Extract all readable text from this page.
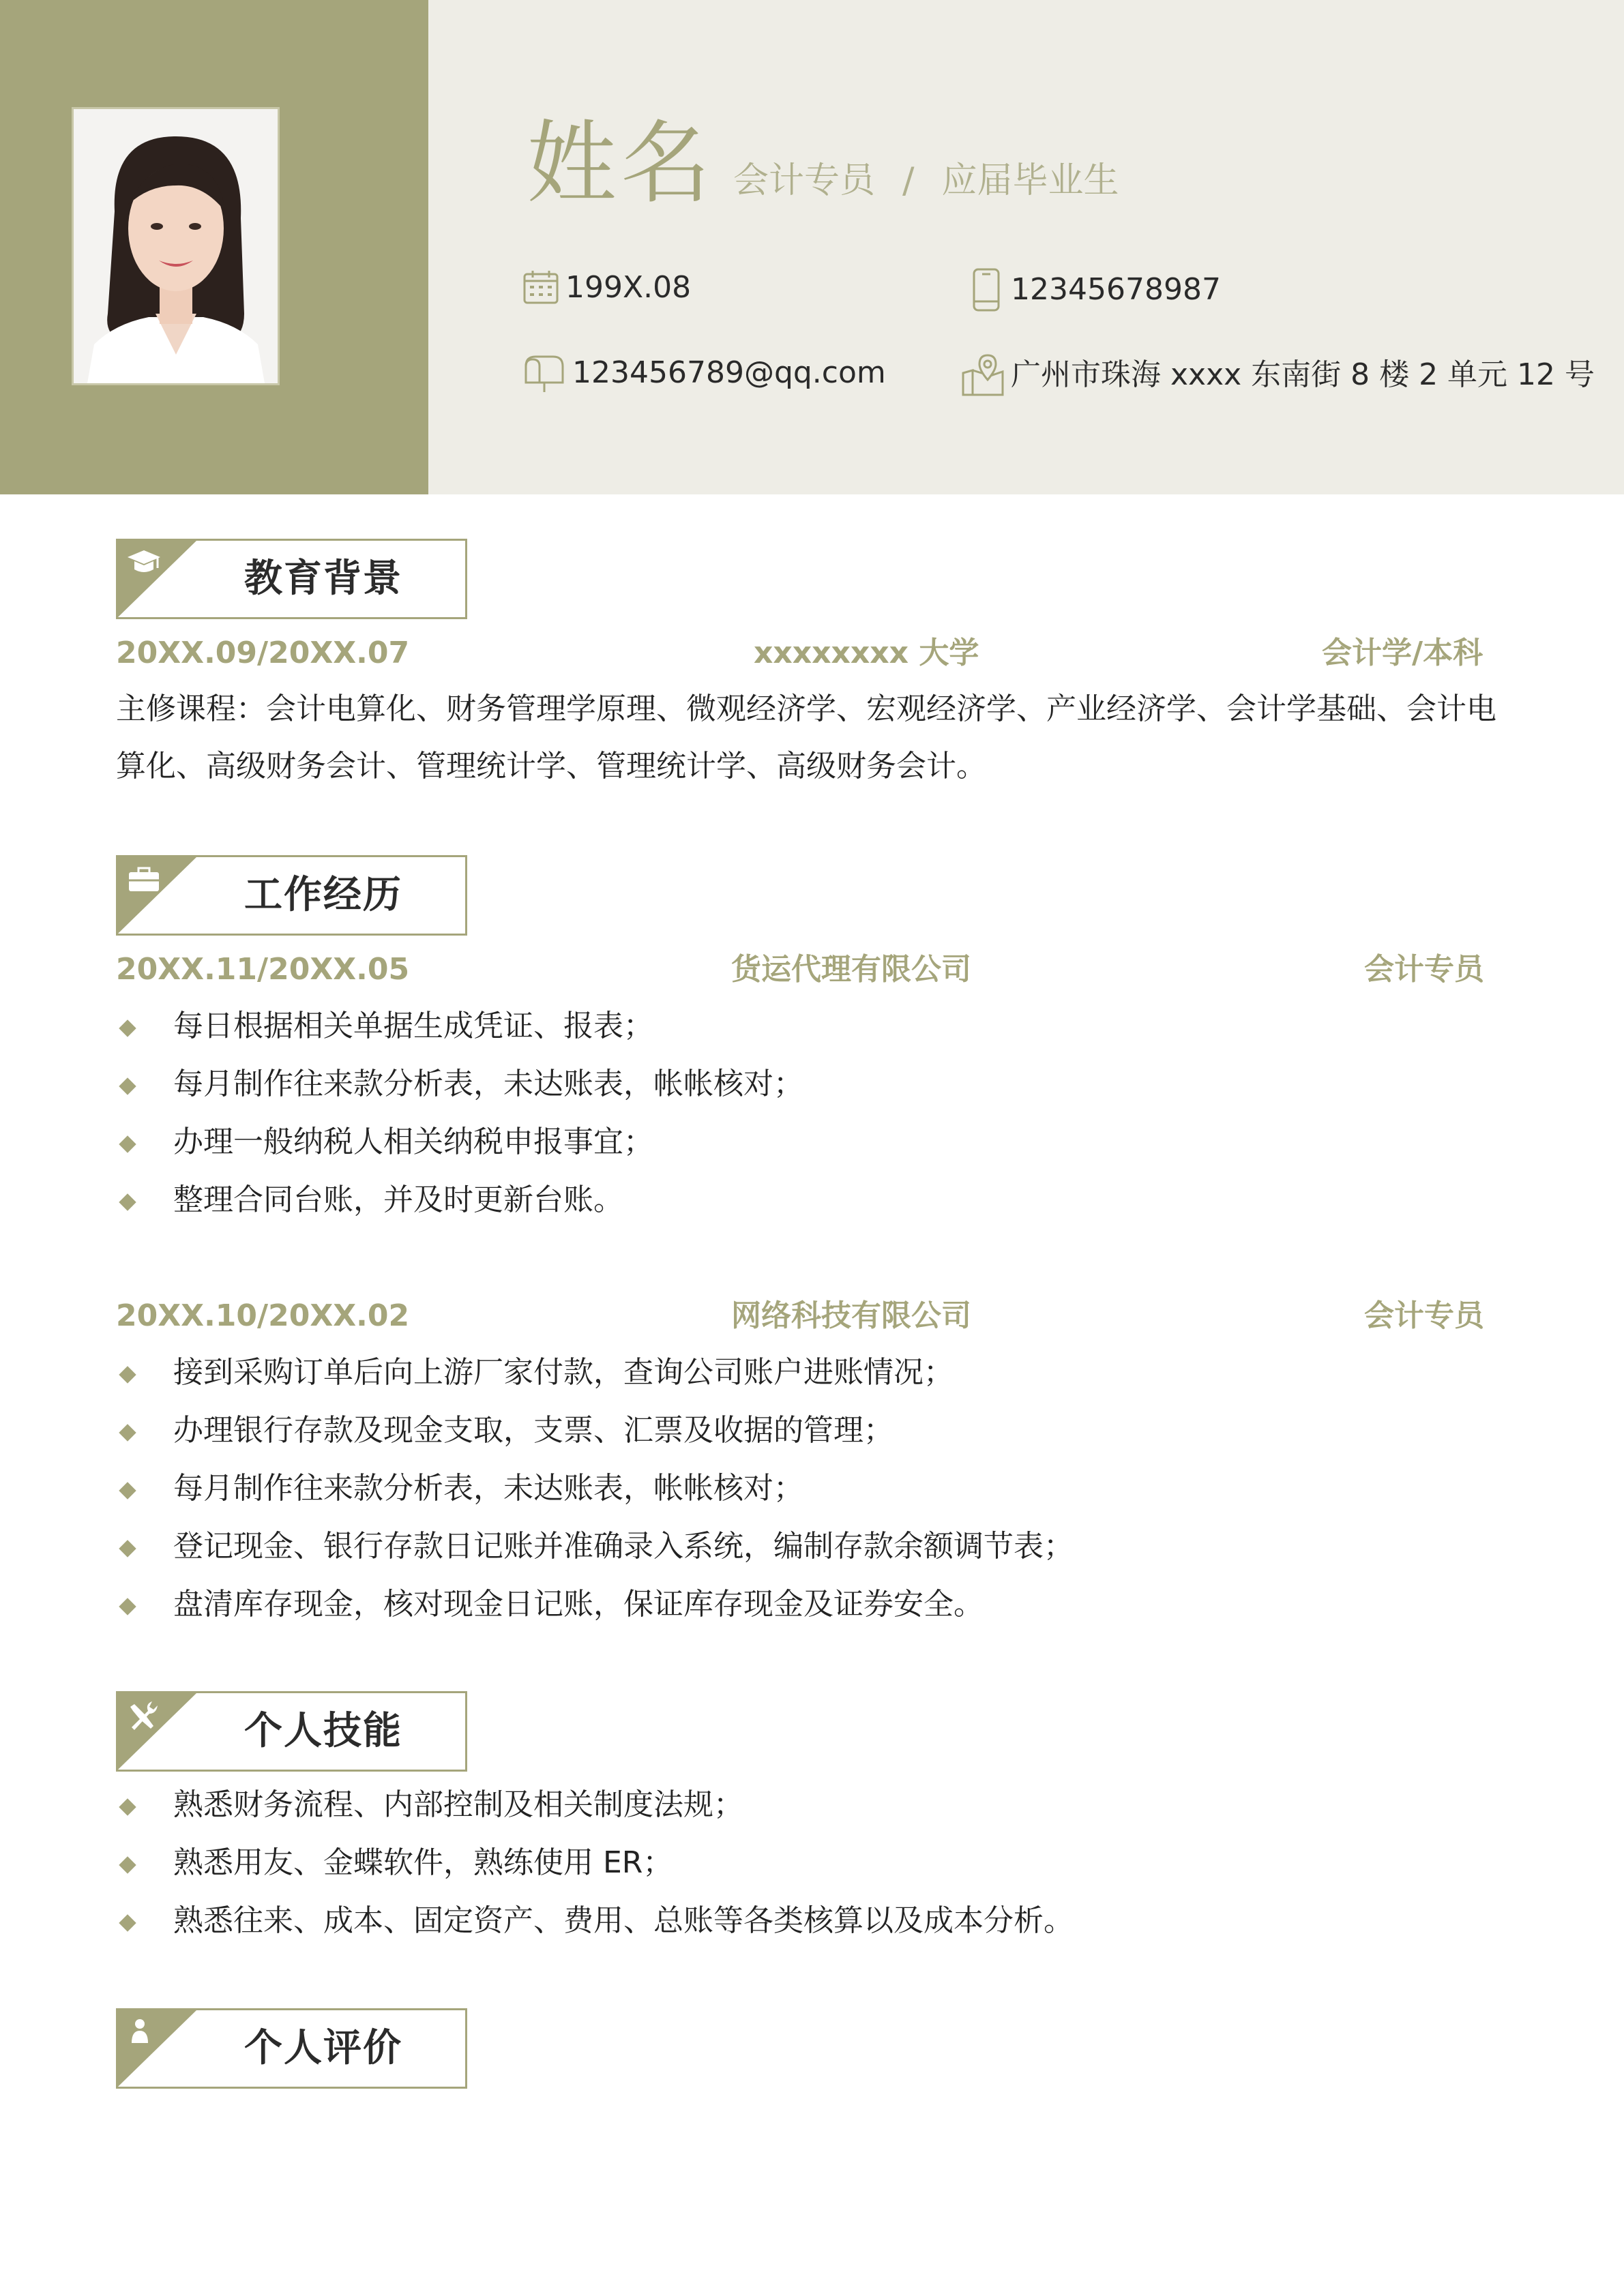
姓名 会计专员 / 应届毕业生
199X.08	12345678987
123456789@qq.com	广州市珠海 xxxx 东南街 8 楼 2 单元 12 号
教育背景
20XX.09/20XX.07	xxxxxxxx 大学	会计学/本科
主修课程：会计电算化、财务管理学原理、微观经济学、宏观经济学、产业经济学、会计学基础、会计电算化、高级财务会计、管理统计学、管理统计学、高级财务会计。
工作经历
20XX.11/20XX.05	货运代理有限公司	会计专员
每日根据相关单据生成凭证、报表；
每月制作往来款分析表，未达账表，帐帐核对；
办理一般纳税人相关纳税申报事宜；
整理合同台账，并及时更新台账。
20XX.10/20XX.02	网络科技有限公司	会计专员
接到采购订单后向上游厂家付款，查询公司账户进账情况；
办理银行存款及现金支取，支票、汇票及收据的管理；
每月制作往来款分析表，未达账表，帐帐核对；
登记现金、银行存款日记账并准确录入系统，编制存款余额调节表；
盘清库存现金，核对现金日记账，保证库存现金及证券安全。
个人技能
熟悉财务流程、内部控制及相关制度法规；
熟悉用友、金蝶软件，熟练使用 ER；
熟悉往来、成本、固定资产、费用、总账等各类核算以及成本分析。
个人评价
